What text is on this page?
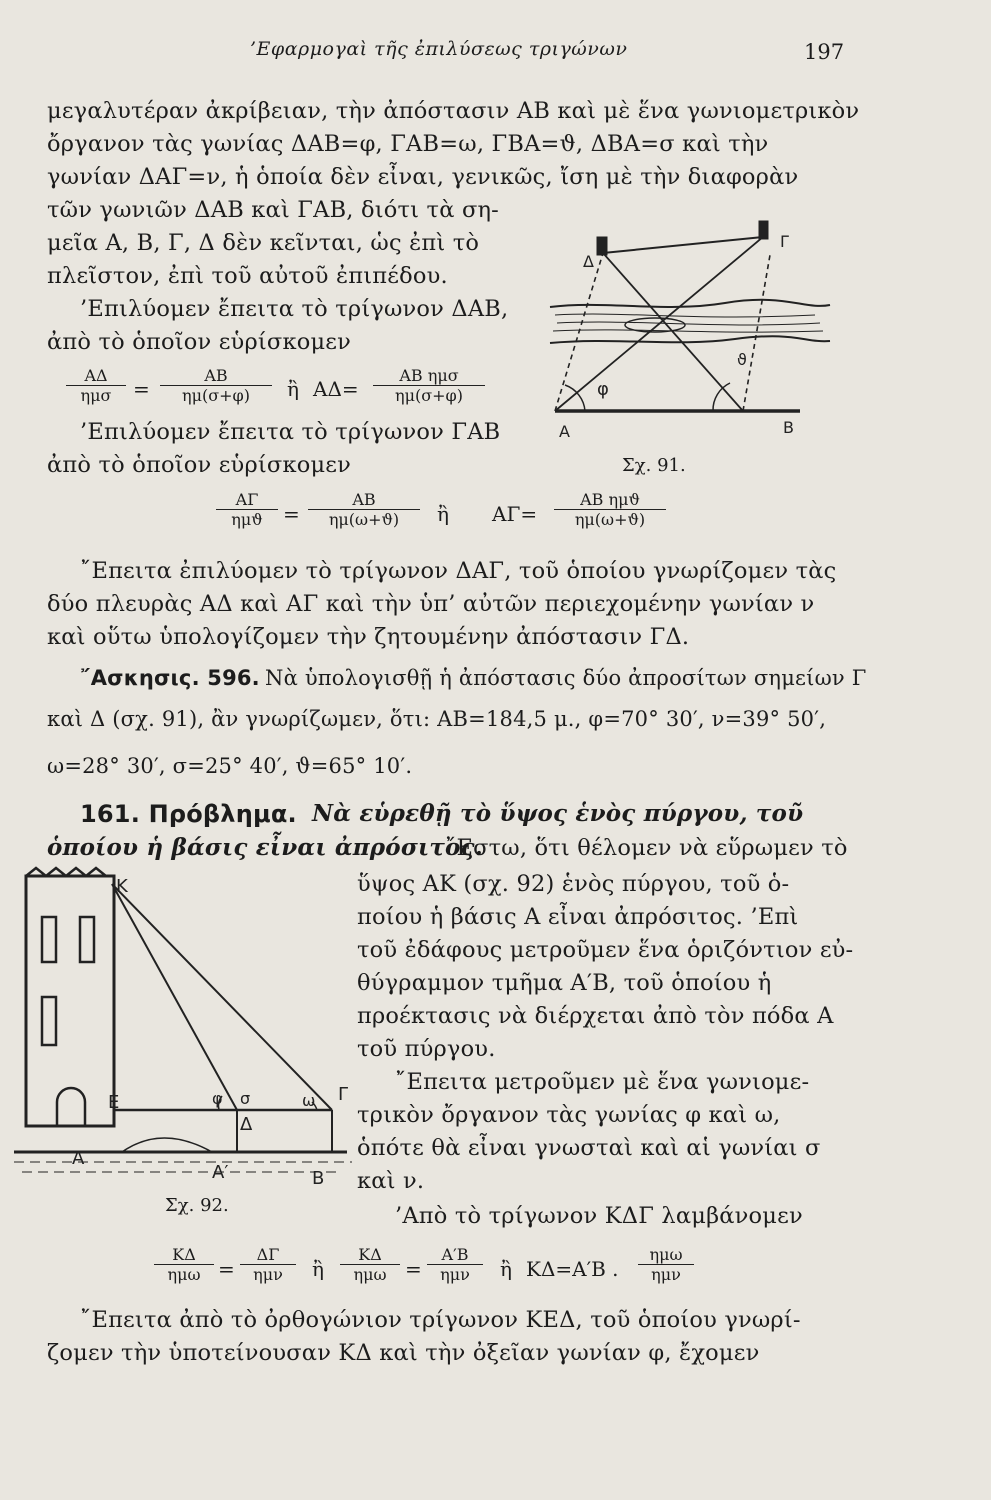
’Εφαρμογαὶ τῆς ἐπιλύσεως τριγώνων	197
μεγαλυτέραν ἀκρίβειαν, τὴν ἀπόστασιν ΑΒ καὶ μὲ ἕνα γωνιομετρικὸν
ὄργανον τὰς γωνίας ΔΑΒ=φ, ΓΑΒ=ω, ΓΒΑ=ϑ, ΔΒΑ=σ καὶ τὴν
γωνίαν ΔΑΓ=ν, ἡ ὁποία δὲν εἶναι, γενικῶς, ἴση μὲ τὴν διαφορὰν
τῶν γωνιῶν ΔΑΒ καὶ ΓΑΒ, διότι τὰ ση-
μεῖα Α, Β, Γ, Δ δὲν κεῖνται, ὡς ἐπὶ τὸ
πλεῖστον, ἐπὶ τοῦ αὐτοῦ ἐπιπέδου.
’Επιλύομεν ἔπειτα τὸ τρίγωνον ΔΑΒ,
ἀπὸ τὸ ὁποῖον εὑρίσκομεν
ΑΔ
ημσ	= $\frac{AB}{\eta\mu(\sigma+\varphi)}$ ἢ ΑΔ=
ΑΒ ημσ
ημ(σ+φ)
’Επιλύομεν ἔπειτα τὸ τρίγωνον ΓΑΒ
ἀπὸ τὸ ὁποῖον εὑρίσκομεν
ΑΓ
ημϑ	= $\frac{AB}{\eta\mu(\omega+ϑ)}$ ἢ ΑΓ=
ΑΒ ημϑ
ημ(ω+ϑ)
῎Επειτα ἐπιλύομεν τὸ τρίγωνον ΔΑΓ, τοῦ ὁποίου γνωρίζομεν τὰς
δύο πλευρὰς ΑΔ καὶ ΑΓ καὶ τὴν ὑπ’ αὐτῶν περιεχομένην γωνίαν ν
καὶ οὕτω ὑπολογίζομεν τὴν ζητουμένην ἀπόστασιν ΓΔ.
῎Ασκησις. 596. Νὰ ὑπολογισθῇ ἡ ἀπόστασις δύο ἀπροσίτων σημείων Γ
καὶ Δ (σχ. 91), ἂν γνωρίζωμεν, ὅτι: ΑΒ=184,5 μ., φ=70° 30′, ν=39° 50′,
ω=28° 30′, σ=25° 40′, ϑ=65° 10′.
161. Πρόβλημα. Νὰ εὑρεθῇ τὸ ὕψος ἑνὸς πύργου, τοῦ
ὁποίου ἡ βάσις εἶναι ἀπρόσιτος.
῎Εστω, ὅτι θέλομεν νὰ εὕρωμεν τὸ
ὕψος ΑΚ (σχ. 92) ἑνὸς πύργου, τοῦ ὁ-
ποίου ἡ βάσις Α εἶναι ἀπρόσιτος. ’Επὶ
τοῦ ἐδάφους μετροῦμεν ἕνα ὁριζόντιον εὐ-
θύγραμμον τμῆμα Α′Β, τοῦ ὁποίου ἡ
προέκτασις νὰ διέρχεται ἀπὸ τὸν πόδα Α
τοῦ πύργου.
῎Επειτα μετροῦμεν μὲ ἕνα γωνιομε-
τρικὸν ὄργανον τὰς γωνίας φ καὶ ω,
ὁπότε θὰ εἶναι γνωσταὶ καὶ αἱ γωνίαι σ
καὶ ν.
’Απὸ τὸ τρίγωνον ΚΔΓ λαμβάνομεν
ΚΔ
ημω =
ΔΓ
ημν	ἢ
ΚΔ
ημω =
Α′Β
ημν	ἢ ΚΔ=Α′Β .
ημω
ημν
῎Επειτα ἀπὸ τὸ ὀρθογώνιον τρίγωνον ΚΕΔ, τοῦ ὁποίου γνωρί-
ζομεν τὴν ὑποτείνουσαν ΚΔ καὶ τὴν ὀξεῖαν γωνίαν φ, ἔχομεν
Δ
Γ
Α	Β
φ
ϑ
Σχ. 91.
Κ
Ε
Δ
Γ
Α
Α′	Β
φ σ	ω
Σχ. 92.
